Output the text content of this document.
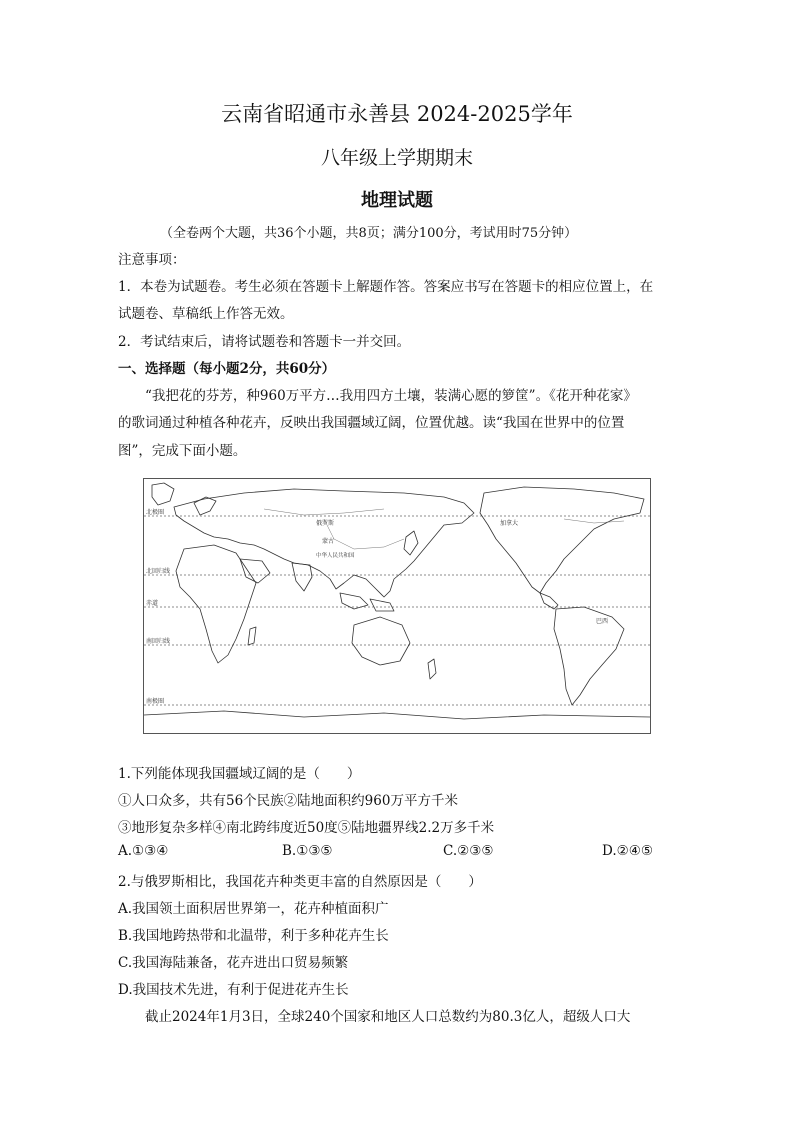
云南省昭通市永善县 2024-2025学年
八年级上学期期末
地理试题
（全卷两个大题，共36个小题，共8页；满分100分，考试用时75分钟）
注意事项：
1．本卷为试题卷。考生必须在答题卡上解题作答。答案应书写在答题卡的相应位置上，在
试题卷、草稿纸上作答无效。
2．考试结束后，请将试题卷和答题卡一并交回。
一、选择题（每小题2分，共60分）
“我把花的芬芳，种960万平方…我用四方土壤，装满心愿的箩筐”。《花开种花家》
的歌词通过种植各种花卉，反映出我国疆域辽阔，位置优越。读“我国在世界中的位置
图”，完成下面小题。
北极圈
北回归线
赤道
南回归线
南极圈
俄罗斯
蒙古
中华人民共和国
加拿大
巴西
1.下列能体现我国疆域辽阔的是（　　）
①人口众多，共有56个民族②陆地面积约960万平方千米
③地形复杂多样④南北跨纬度近50度⑤陆地疆界线2.2万多千米
A.①③④	B.①③⑤	C.②③⑤	D.②④⑤
2.与俄罗斯相比，我国花卉种类更丰富的自然原因是（　　）
A.我国领土面积居世界第一，花卉种植面积广
B.我国地跨热带和北温带，利于多种花卉生长
C.我国海陆兼备，花卉进出口贸易频繁
D.我国技术先进，有利于促进花卉生长
截止2024年1月3日，全球240个国家和地区人口总数约为80.3亿人，超级人口大
